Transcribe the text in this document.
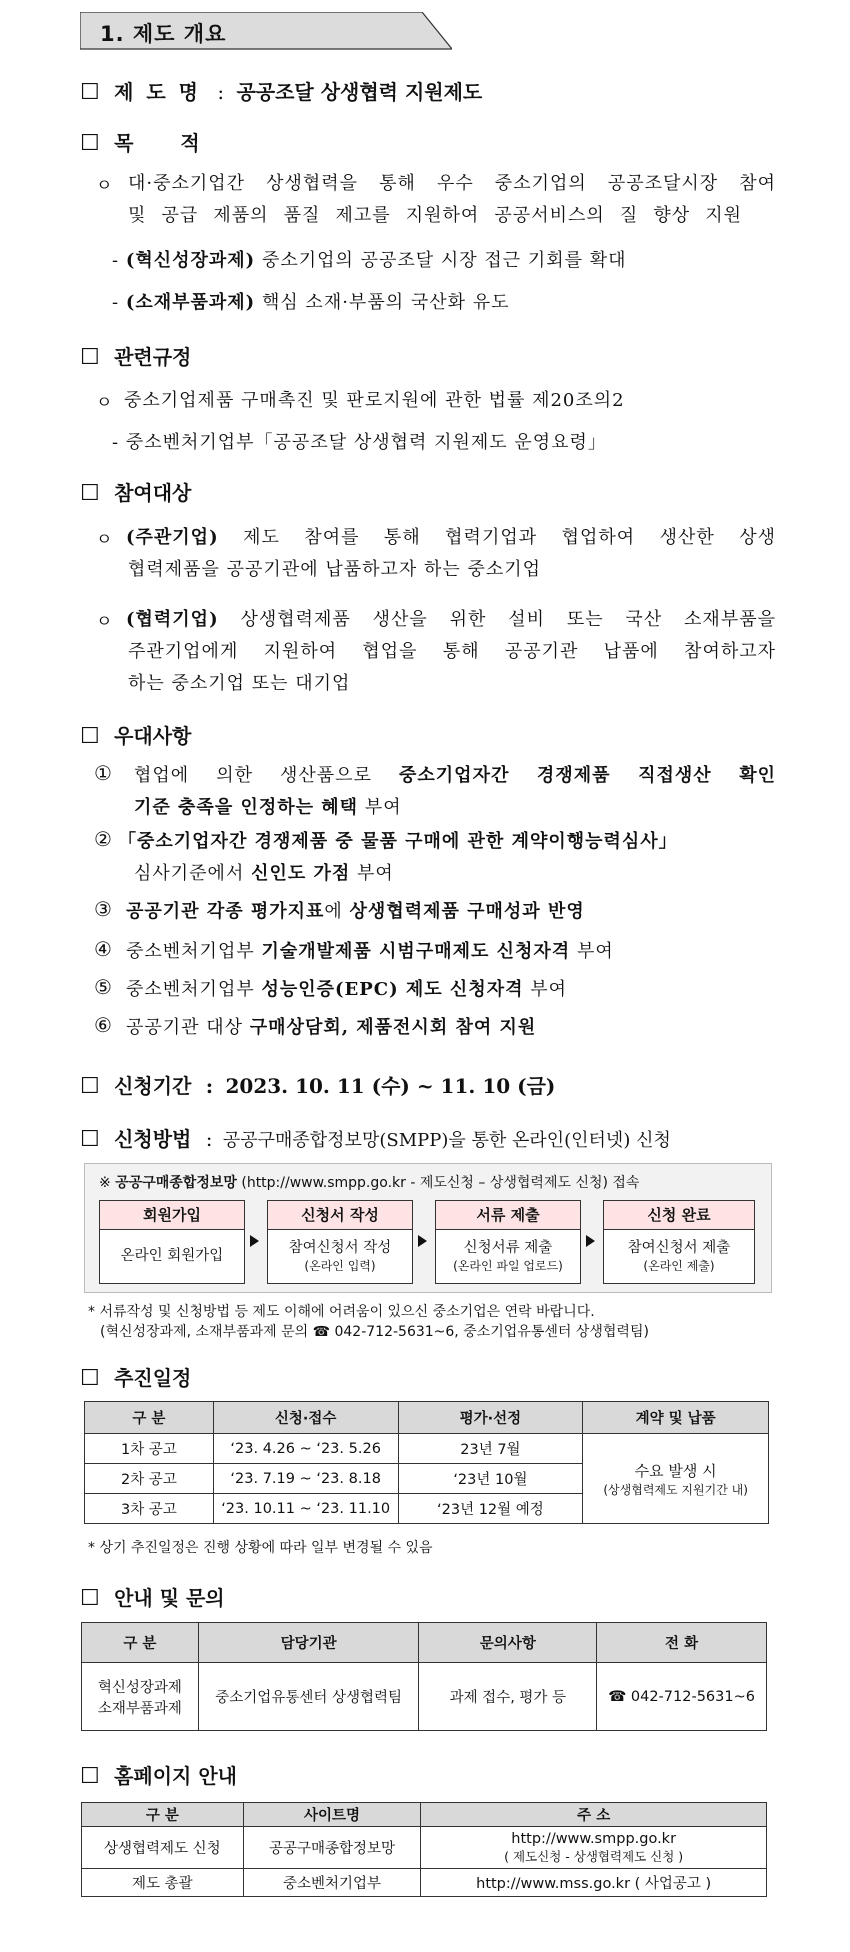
1. 제도 개요
☐ 제 도 명 : 공공조달 상생협력 지원제도
☐ 목 적
ㅇ 대·중소기업간 상생협력을 통해 우수 중소기업의 공공조달시장 참여
및 공급 제품의 품질 제고를 지원하여 공공서비스의 질 향상 지원
- (혁신성장과제) 중소기업의 공공조달 시장 접근 기회를 확대
- (소재부품과제) 핵심 소재·부품의 국산화 유도
☐ 관련규정
ㅇ 중소기업제품 구매촉진 및 판로지원에 관한 법률 제20조의2
- 중소벤처기업부「공공조달 상생협력 지원제도 운영요령」
☐ 참여대상
ㅇ (주관기업) 제도 참여를 통해 협력기업과 협업하여 생산한 상생
협력제품을 공공기관에 납품하고자 하는 중소기업
ㅇ (협력기업) 상생협력제품 생산을 위한 설비 또는 국산 소재부품을
주관기업에게 지원하여 협업을 통해 공공기관 납품에 참여하고자
하는 중소기업 또는 대기업
☐ 우대사항
① 협업에 의한 생산품으로 중소기업자간 경쟁제품 직접생산 확인
기준 충족을 인정하는 혜택 부여
② 「중소기업자간 경쟁제품 중 물품 구매에 관한 계약이행능력심사」
심사기준에서 신인도 가점 부여
③ 공공기관 각종 평가지표에 상생협력제품 구매성과 반영
④ 중소벤처기업부 기술개발제품 시범구매제도 신청자격 부여
⑤ 중소벤처기업부 성능인증(EPC) 제도 신청자격 부여
⑥ 공공기관 대상 구매상담회, 제품전시회 참여 지원
☐ 신청기간 : 2023. 10. 11 (수) ~ 11. 10 (금)
☐ 신청방법 : 공공구매종합정보망(SMPP)을 통한 온라인(인터넷) 신청
※ 공공구매종합정보망 (http://www.smpp.go.kr - 제도신청 – 상생협력제도 신청) 접속
회원가입
온라인 회원가입
신청서 작성
참여신청서 작성
(온라인 입력)
서류 제출
신청서류 제출
(온라인 파일 업로드)
신청 완료
참여신청서 제출
(온라인 제출)
* 서류작성 및 신청방법 등 제도 이해에 어려움이 있으신 중소기업은 연락 바랍니다.
(혁신성장과제, 소재부품과제 문의 ☎ 042-712-5631~6, 중소기업유통센터 상생협력팀)
☐ 추진일정
구 분	신청·접수	평가·선정	계약 및 납품
1차 공고	‘23. 4.26 ~ ‘23. 5.26	23년 7월	수요 발생 시
(상생협력제도 지원기간 내)

2차 공고	‘23. 7.19 ~ ‘23. 8.18	‘23년 10월	
3차 공고	‘23. 10.11 ~ ‘23. 11.10	‘23년 12월 예정	
* 상기 추진일정은 진행 상황에 따라 일부 변경될 수 있음
☐ 안내 및 문의
구 분	담당기관	문의사항	전 화

혁신성장과제
소재부품과제	중소기업유통센터 상생협력팀	과제 접수, 평가 등	☎ 042-712-5631~6
☐ 홈페이지 안내
구 분	사이트명	주 소
상생협력제도 신청	공공구매종합정보망	http://www.smpp.go.kr
( 제도신청 - 상생협력제도 신청 )

제도 총괄	중소벤처기업부	http://www.mss.go.kr ( 사업공고 )
